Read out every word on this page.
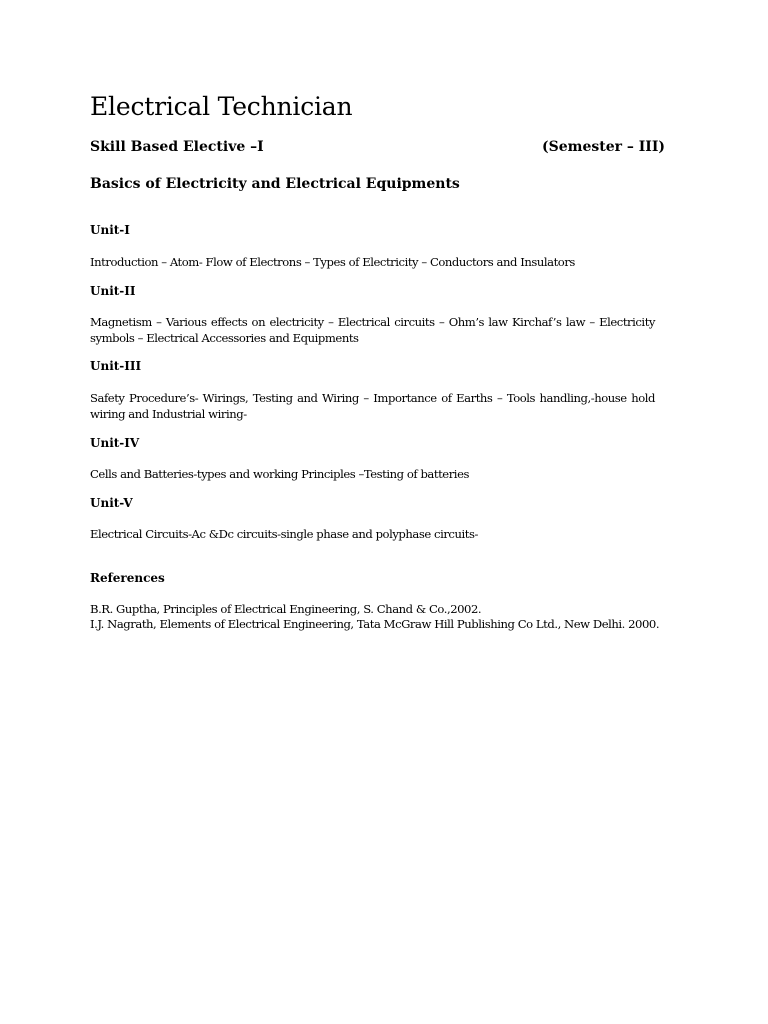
Electrical Technician
Skill Based Elective –I	(Semester – III)
Basics of Electricity and Electrical Equipments
Unit-I
Introduction – Atom- Flow of Electrons – Types of Electricity – Conductors and Insulators
Unit-II
Magnetism – Various effects on electricity – Electrical circuits – Ohm’s law Kirchaf’s law – Electricity symbols – Electrical Accessories and Equipments
Unit-III
Safety Procedure’s- Wirings, Testing and Wiring – Importance of Earths – Tools handling,-house hold wiring and Industrial wiring-
Unit-IV
Cells and Batteries-types and working Principles –Testing of batteries
Unit-V
Electrical Circuits-Ac &Dc circuits-single phase and polyphase circuits-
References
B.R. Guptha, Principles of Electrical Engineering, S. Chand & Co.,2002.
I.J. Nagrath, Elements of Electrical Engineering, Tata McGraw Hill Publishing Co Ltd., New Delhi. 2000.
